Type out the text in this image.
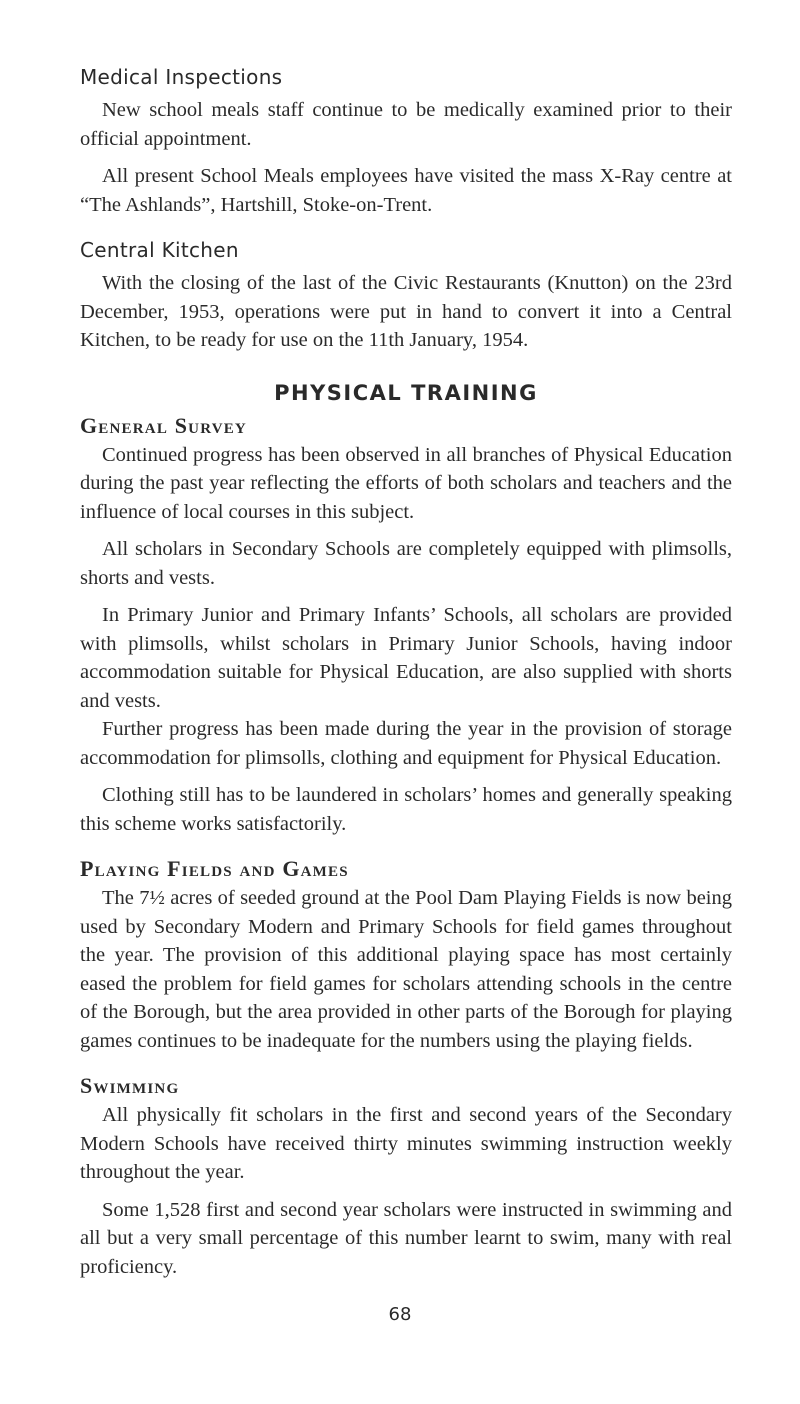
Medical Inspections

New school meals staff continue to be medically examined prior to their official appointment.

All present School Meals employees have visited the mass X-Ray centre at “The Ashlands”, Hartshill, Stoke-on-Trent.

Central Kitchen

With the closing of the last of the Civic Restaurants (Knutton) on the 23rd December, 1953, operations were put in hand to convert it into a Central Kitchen, to be ready for use on the 11th January, 1954.

PHYSICAL TRAINING
General Survey

Continued progress has been observed in all branches of Physical Education during the past year reflecting the efforts of both scholars and teachers and the influence of local courses in this subject.

All scholars in Secondary Schools are completely equipped with plimsolls, shorts and vests.

In Primary Junior and Primary Infants’ Schools, all scholars are provided with plimsolls, whilst scholars in Primary Junior Schools, having indoor accommodation suitable for Physical Education, are also supplied with shorts and vests.

Further progress has been made during the year in the provision of storage accommodation for plimsolls, clothing and equipment for Physical Education.

Clothing still has to be laundered in scholars’ homes and generally speaking this scheme works satisfactorily.

Playing Fields and Games

The 7½ acres of seeded ground at the Pool Dam Playing Fields is now being used by Secondary Modern and Primary Schools for field games throughout the year. The provision of this additional playing space has most certainly eased the problem for field games for scholars attending schools in the centre of the Borough, but the area provided in other parts of the Borough for playing games continues to be inadequate for the numbers using the playing fields.

Swimming

All physically fit scholars in the first and second years of the Secondary Modern Schools have received thirty minutes swimming instruction weekly throughout the year.

Some 1,528 first and second year scholars were instructed in swimming and all but a very small percentage of this number learnt to swim, many with real proficiency.

68
